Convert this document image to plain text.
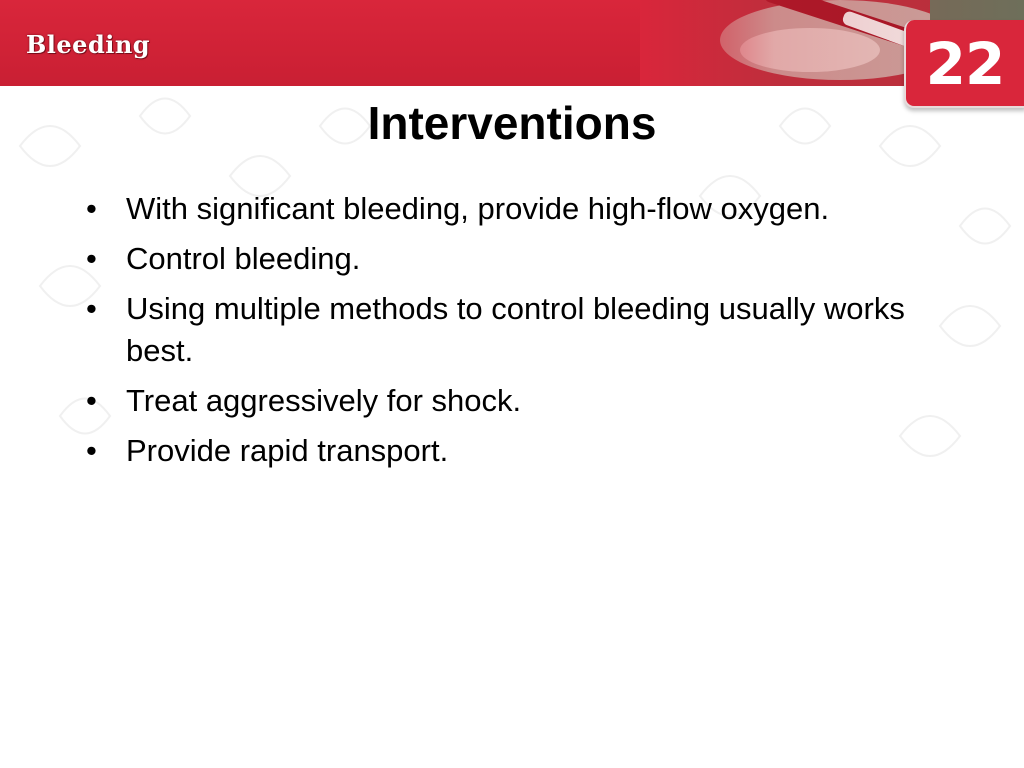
Bleeding	22
Interventions
• With significant bleeding, provide high-flow oxygen.
• Control bleeding.
• Using multiple methods to control bleeding usually works best.
• Treat aggressively for shock.
• Provide rapid transport.
